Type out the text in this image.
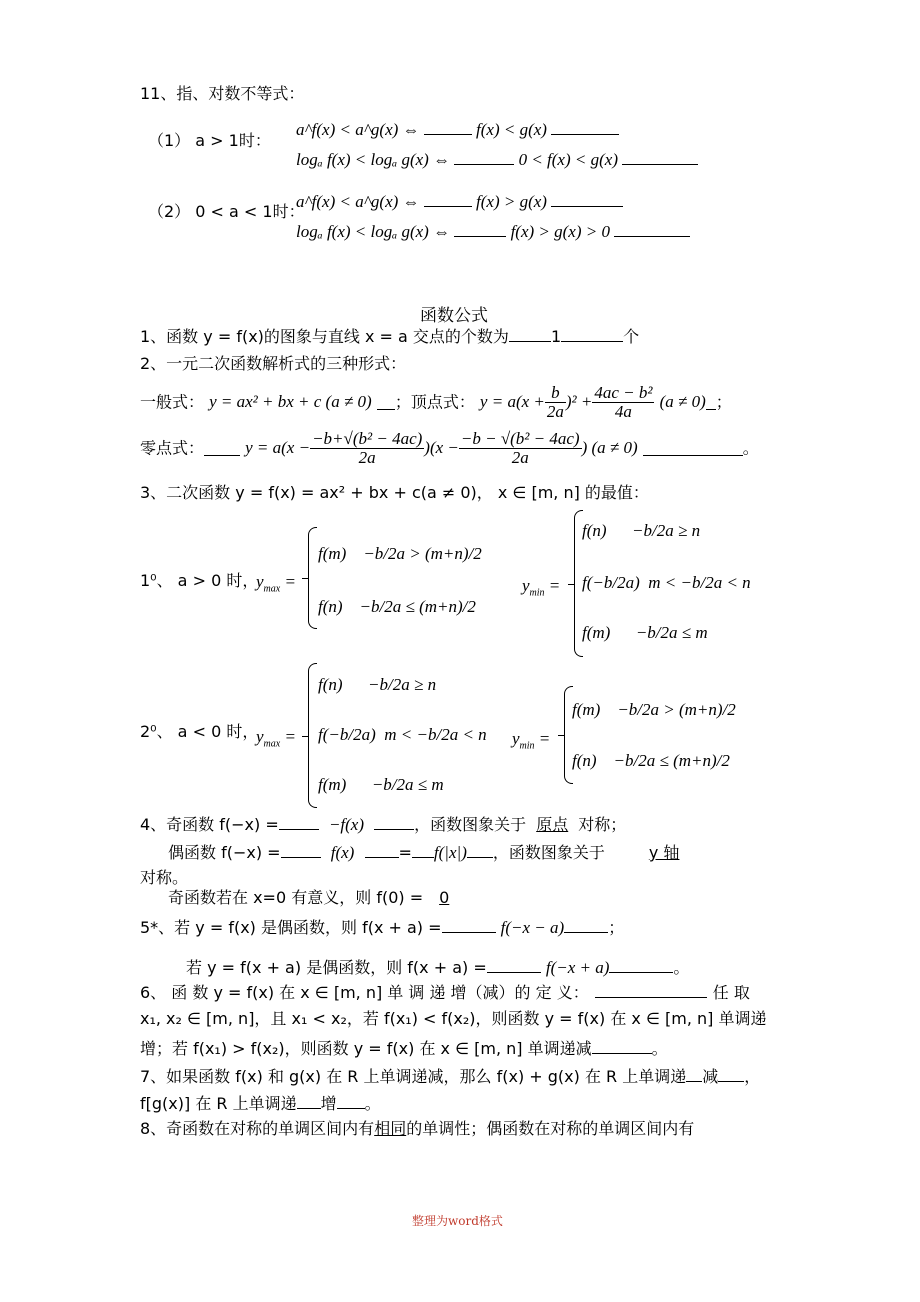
11、指、对数不等式：
（1） a > 1时：
a^f(x) < a^g(x) ⇔	f(x) < g(x)
logₐ f(x) < logₐ g(x) ⇔	0 < f(x) < g(x)
（2） 0 < a < 1时：
a^f(x) < a^g(x) ⇔	f(x) > g(x)
logₐ f(x) < logₐ g(x) ⇔	f(x) > g(x) > 0
函数公式
1、函数 y = f(x)的图象与直线 x = a 交点的个数为	1	个
2、一元二次函数解析式的三种形式：
一般式： y = ax² + bx + c (a ≠ 0) ；顶点式： $y = a(x + \frac{b}{2a} )^2 + \frac{\text{4ac − b²}}{4a} (a \ne 0)$ ；
零点式： $y = a(x - \frac{\text{−b+√(b² − 4ac)}}{2a} )(x - \frac{\text{−b − √(b² − 4ac)}}{2a}$ ) (a ≠ 0)	。
3、二次函数 y = f(x) = ax² + bx + c(a ≠ 0)， x ∈ [m, n] 的最值：
1⁰、 a > 0 时，
$y_{max}$ =
f(m) −b/2a > (m+n)/2
f(n) −b/2a ≤ (m+n)/2
$y_{min}$ =
f(n) −b/2a ≥ n
f(−b/2a) m < −b/2a < n
f(m) −b/2a ≤ m
2⁰、 a < 0 时，
$y_{max}$ =
f(n) −b/2a ≥ n
f(−b/2a) m < −b/2a < n
f(m) −b/2a ≤ m
$y_{min}$ =
f(m) −b/2a > (m+n)/2
f(n) −b/2a ≤ (m+n)/2
4、奇函数 f(−x) =	−f(x)	，函数图象关于 原点 对称；
偶函数 f(−x) =	f(x)	= f(|x|) ，函数图象关于	y 轴
对称。
奇函数若在 x=0 有意义，则 f(0) = 0
5*、若 y = f(x) 是偶函数，则 f(x + a) =	f(−x − a)	；
若 y = f(x + a) 是偶函数，则 f(x + a) =	f(−x + a)	。
6、 函 数 y = f(x) 在 x ∈ [m, n] 单 调 递 增（减）的 定 义：	任 取
x₁, x₂ ∈ [m, n]，且 x₁ < x₂，若 f(x₁) < f(x₂)，则函数 y = f(x) 在 x ∈ [m, n] 单调递
增；若 f(x₁) > f(x₂)，则函数 y = f(x) 在 x ∈ [m, n] 单调递减	。
7、如果函数 f(x) 和 g(x) 在 R 上单调递减，那么 f(x) + g(x) 在 R 上单调递 减 ，
f[g(x)] 在 R 上单调递 增 。
8、奇函数在对称的单调区间内有相同的单调性；偶函数在对称的单调区间内有
整理为word格式
